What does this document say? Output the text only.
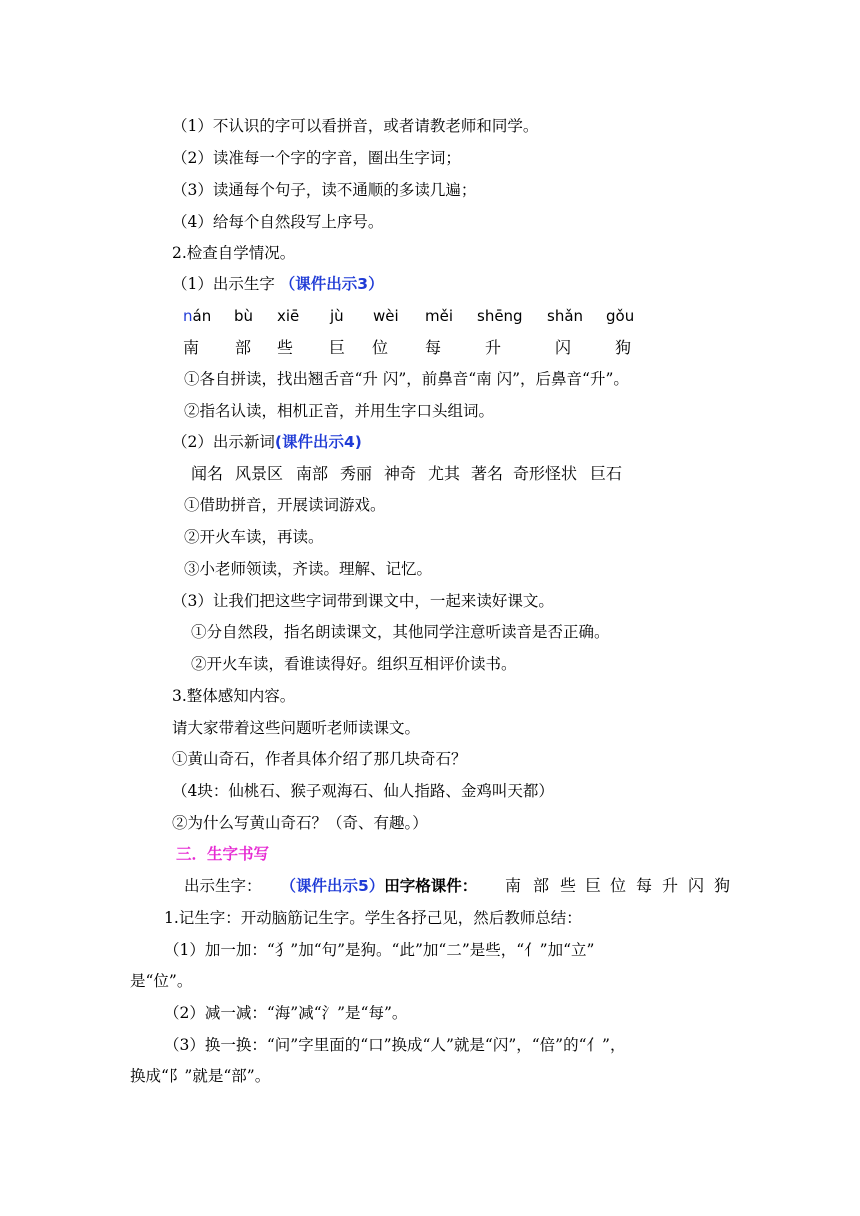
（1）不认识的字可以看拼音，或者请教老师和同学。
（2）读准每一个字的字音，圈出生字词；
（3）读通每个句子，读不通顺的多读几遍；
（4）给每个自然段写上序号。
2.检查自学情况。
（1）出示生字 （课件出示3）
nán bù xiē jù wèi měi shēng shǎn gǒu
南 部 些 巨 位 每	升	闪	狗
①各自拼读，找出翘舌音“升 闪”，前鼻音“南 闪”，后鼻音“升”。
②指名认读，相机正音，并用生字口头组词。
（2）出示新词(课件出示4)
闻名 风景区 南部 秀丽 神奇 尤其 著名 奇形怪状 巨石
①借助拼音，开展读词游戏。
②开火车读，再读。
③小老师领读，齐读。理解、记忆。
（3）让我们把这些字词带到课文中，一起来读好课文。
①分自然段，指名朗读课文，其他同学注意听读音是否正确。
②开火车读，看谁读得好。组织互相评价读书。
3.整体感知内容。
请大家带着这些问题听老师读课文。
①黄山奇石，作者具体介绍了那几块奇石？
（4块：仙桃石、猴子观海石、仙人指路、金鸡叫天都）
②为什么写黄山奇石？（奇、有趣。）
三．生字书写
出示生字： （课件出示5）田字格课件： 南 部 些 巨 位 每 升 闪 狗
1.记生字：开动脑筋记生字。学生各抒己见，然后教师总结：
（1）加一加：“犭”加“句”是狗。“此”加“二”是些，“亻”加“立”
是“位”。
（2）减一减：“海”减“氵”是“每”。
（3）换一换：“问”字里面的“口”换成“人”就是“闪”，“倍”的“亻”，
换成“阝”就是“部”。
